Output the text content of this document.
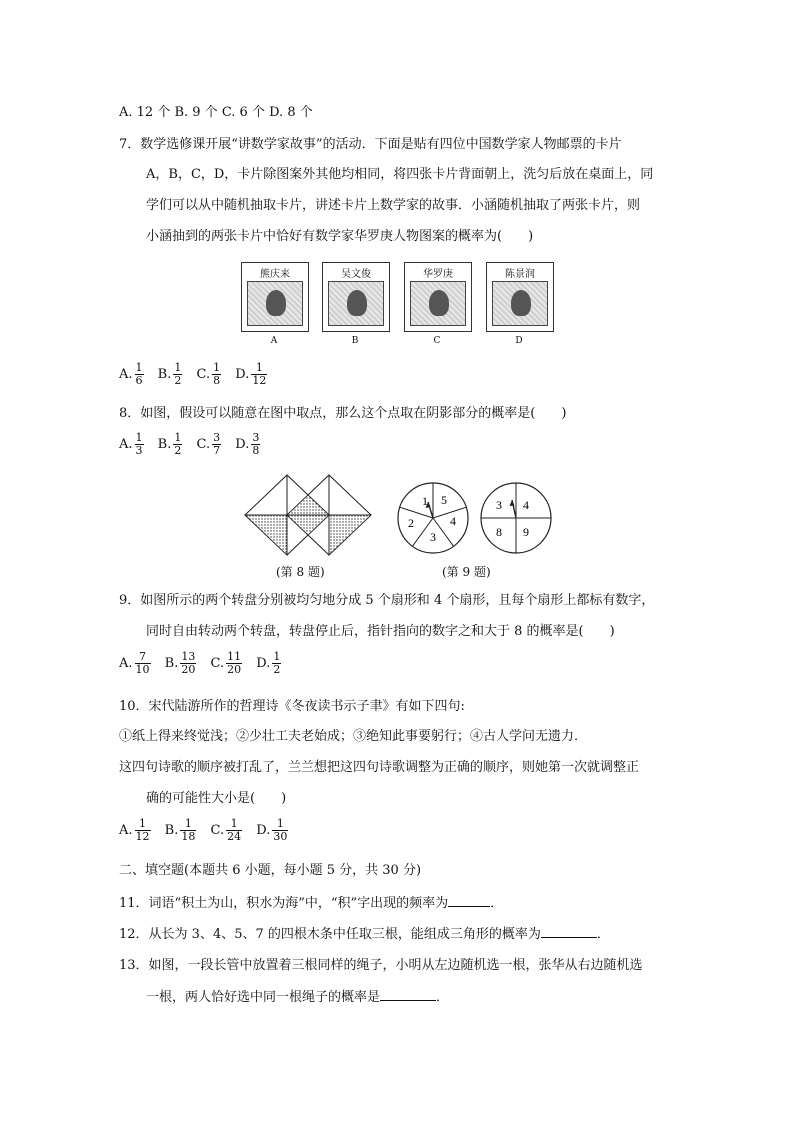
A. 12 个 B. 9 个 C. 6 个 D. 8 个
7．数学选修课开展“讲数学家故事”的活动．下面是贴有四位中国数学家人物邮票的卡片
A，B，C，D，卡片除图案外其他均相同，将四张卡片背面朝上，洗匀后放在桌面上，同
学们可以从中随机抽取卡片，讲述卡片上数学家的故事．小涵随机抽取了两张卡片，则
小涵抽到的两张卡片中恰好有数学家华罗庚人物图案的概率为(　　)
熊庆来	吴文俊	华罗庚	陈景润
A	B	C	D
A. $\frac{1}{6} B$. $\frac{1}{2} C$. $\frac{1}{8} D$. $\frac{1}{12}$
8．如图，假设可以随意在图中取点，那么这个点取在阴影部分的概率是(　　)
A. $\frac{1}{3} B$. $\frac{1}{2} C$. $\frac{3}{7} D$. $\frac{3}{8}$
1 5
4
3
2
3 4
9
8
(第 8 题)	(第 9 题)
9．如图所示的两个转盘分别被均匀地分成 5 个扇形和 4 个扇形，且每个扇形上都标有数字，
同时自由转动两个转盘，转盘停止后，指针指向的数字之和大于 8 的概率是(　　)
A. $\frac{7}{10} B$. $\frac{13}{20} C$. $\frac{11}{20} D$. $\frac{1}{2}$
10．宋代陆游所作的哲理诗《冬夜读书示子聿》有如下四句:
①纸上得来终觉浅；②少壮工夫老始成；③绝知此事要躬行；④古人学问无遗力．
这四句诗歌的顺序被打乱了，兰兰想把这四句诗歌调整为正确的顺序，则她第一次就调整正
确的可能性大小是(　　)
A. $\frac{1}{12} B$. $\frac{1}{18} C$. $\frac{1}{24} D$. $\frac{1}{30}$
二、填空题(本题共 6 小题，每小题 5 分，共 30 分)
11．词语“积土为山，积水为海”中，“积”字出现的频率为	．
12．从长为 3、4、5、7 的四根木条中任取三根，能组成三角形的概率为	．
13．如图，一段长管中放置着三根同样的绳子，小明从左边随机选一根，张华从右边随机选
一根，两人恰好选中同一根绳子的概率是	．
